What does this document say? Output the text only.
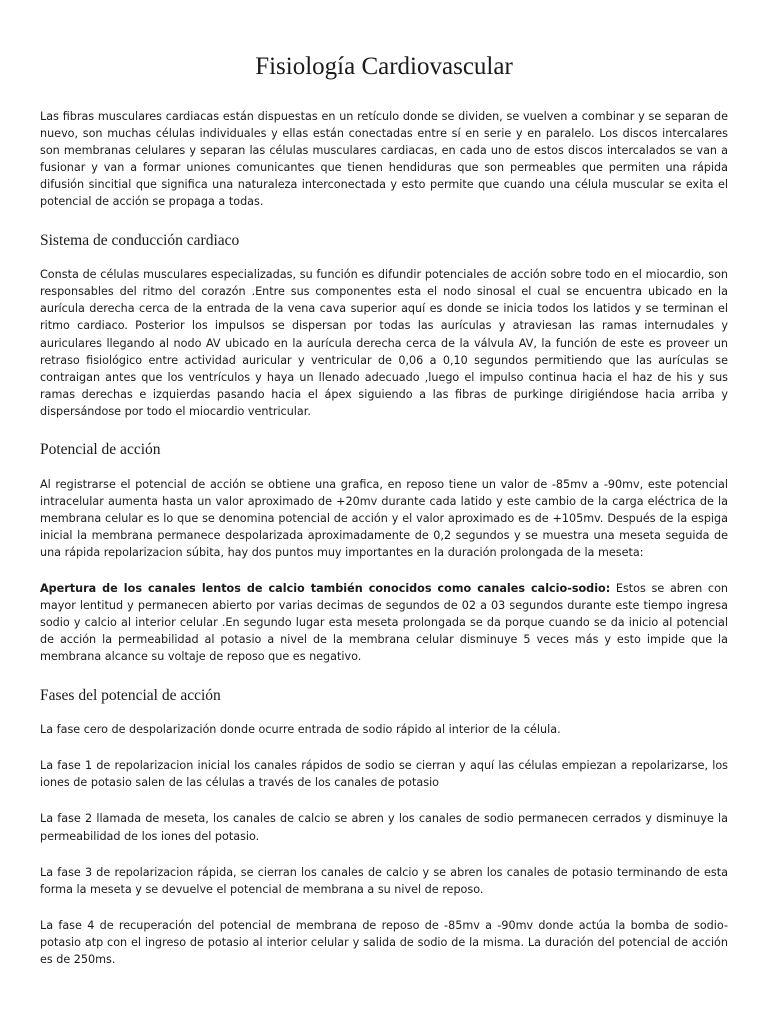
Fisiología Cardiovascular

Las fibras musculares cardiacas están dispuestas en un retículo donde se dividen, se vuelven a combinar y se separan de nuevo, son muchas células individuales y ellas están conectadas entre sí en serie y en paralelo. Los discos intercalares son membranas celulares y separan las células musculares cardiacas, en cada uno de estos discos intercalados se van a fusionar y van a formar uniones comunicantes que tienen hendiduras que son permeables que permiten una rápida difusión sincitial que significa una naturaleza interconectada y esto permite que cuando una célula muscular se exita el potencial de acción se propaga a todas.

Sistema de conducción cardiaco

Consta de células musculares especializadas, su función es difundir potenciales de acción sobre todo en el miocardio, son responsables del ritmo del corazón .Entre sus componentes esta el nodo sinosal el cual se encuentra ubicado en la aurícula derecha cerca de la entrada de la vena cava superior aquí es donde se inicia todos los latidos y se terminan el ritmo cardiaco. Posterior los impulsos se dispersan por todas las aurículas y atraviesan las ramas internudales y auriculares llegando al nodo AV ubicado en la aurícula derecha cerca de la válvula AV, la función de este es proveer un retraso fisiológico entre actividad auricular y ventricular de 0,06 a 0,10 segundos permitiendo que las aurículas se contraigan antes que los ventrículos y haya un llenado adecuado ,luego el impulso continua hacia el haz de his y sus ramas derechas e izquierdas pasando hacia el ápex siguiendo a las fibras de purkinge dirigiéndose hacia arriba y dispersándose por todo el miocardio ventricular.

Potencial de acción

Al registrarse el potencial de acción se obtiene una grafica, en reposo tiene un valor de -85mv a -90mv, este potencial intracelular aumenta hasta un valor aproximado de +20mv durante cada latido y este cambio de la carga eléctrica de la membrana celular es lo que se denomina potencial de acción y el valor aproximado es de +105mv. Después de la espiga inicial la membrana permanece despolarizada aproximadamente de 0,2 segundos y se muestra una meseta seguida de una rápida repolarizacion súbita, hay dos puntos muy importantes en la duración prolongada de la meseta:

Apertura de los canales lentos de calcio también conocidos como canales calcio-sodio: Estos se abren con mayor lentitud y permanecen abierto por varias decimas de segundos de 02 a 03 segundos durante este tiempo ingresa sodio y calcio al interior celular .En segundo lugar esta meseta prolongada se da porque cuando se da inicio al potencial de acción la permeabilidad al potasio a nivel de la membrana celular disminuye 5 veces más y esto impide que la membrana alcance su voltaje de reposo que es negativo.

Fases del potencial de acción

La fase cero de despolarización donde ocurre entrada de sodio rápido al interior de la célula.

La fase 1 de repolarizacion inicial los canales rápidos de sodio se cierran y aquí las células empiezan a repolarizarse, los iones de potasio salen de las células a través de los canales de potasio

La fase 2 llamada de meseta, los canales de calcio se abren y los canales de sodio permanecen cerrados y disminuye la permeabilidad de los iones del potasio.

La fase 3 de repolarizacion rápida, se cierran los canales de calcio y se abren los canales de potasio terminando de esta forma la meseta y se devuelve el potencial de membrana a su nivel de reposo.

La fase 4 de recuperación del potencial de membrana de reposo de -85mv a -90mv donde actúa la bomba de sodio-potasio atp con el ingreso de potasio al interior celular y salida de sodio de la misma. La duración del potencial de acción es de 250ms.
